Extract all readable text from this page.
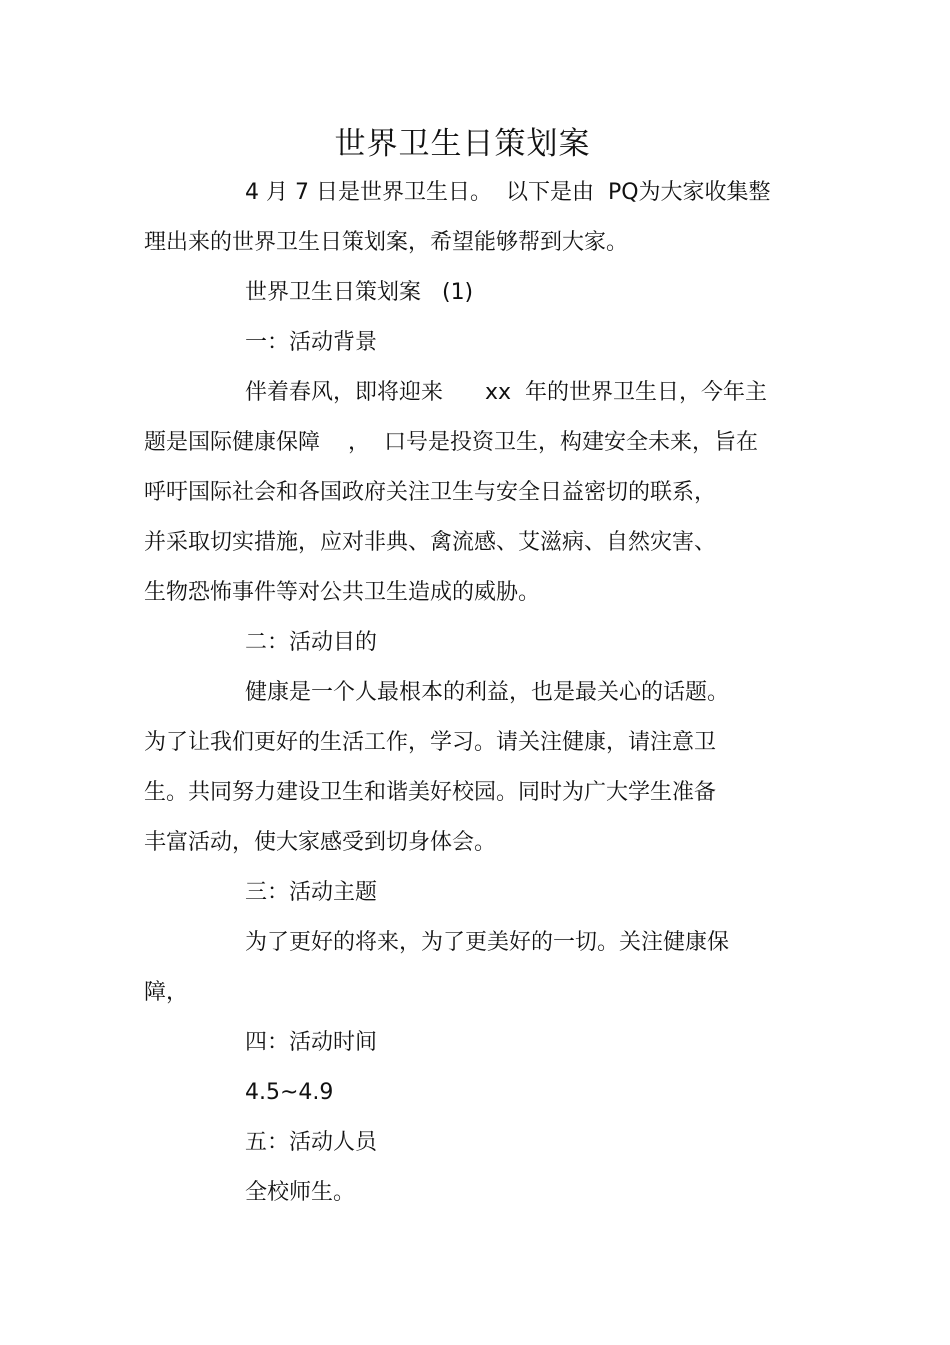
世界卫生日策划案
4 月 7 日是世界卫生日。  以下是由  PQ为大家收集整
理出来的世界卫生日策划案，希望能够帮到大家。
世界卫生日策划案   (1)
一：活动背景
伴着春风，即将迎来      xx  年的世界卫生日，今年主
题是国际健康保障    ，  口号是投资卫生，构建安全未来，旨在
呼吁国际社会和各国政府关注卫生与安全日益密切的联系，
并采取切实措施，应对非典、禽流感、艾滋病、自然灾害、
生物恐怖事件等对公共卫生造成的威胁。
二：活动目的
健康是一个人最根本的利益，也是最关心的话题。
为了让我们更好的生活工作，学习。请关注健康，请注意卫
生。共同努力建设卫生和谐美好校园。同时为广大学生准备
丰富活动，使大家感受到切身体会。
三：活动主题
为了更好的将来，为了更美好的一切。关注健康保
障，
四：活动时间
4.5~4.9
五：活动人员
全校师生。
